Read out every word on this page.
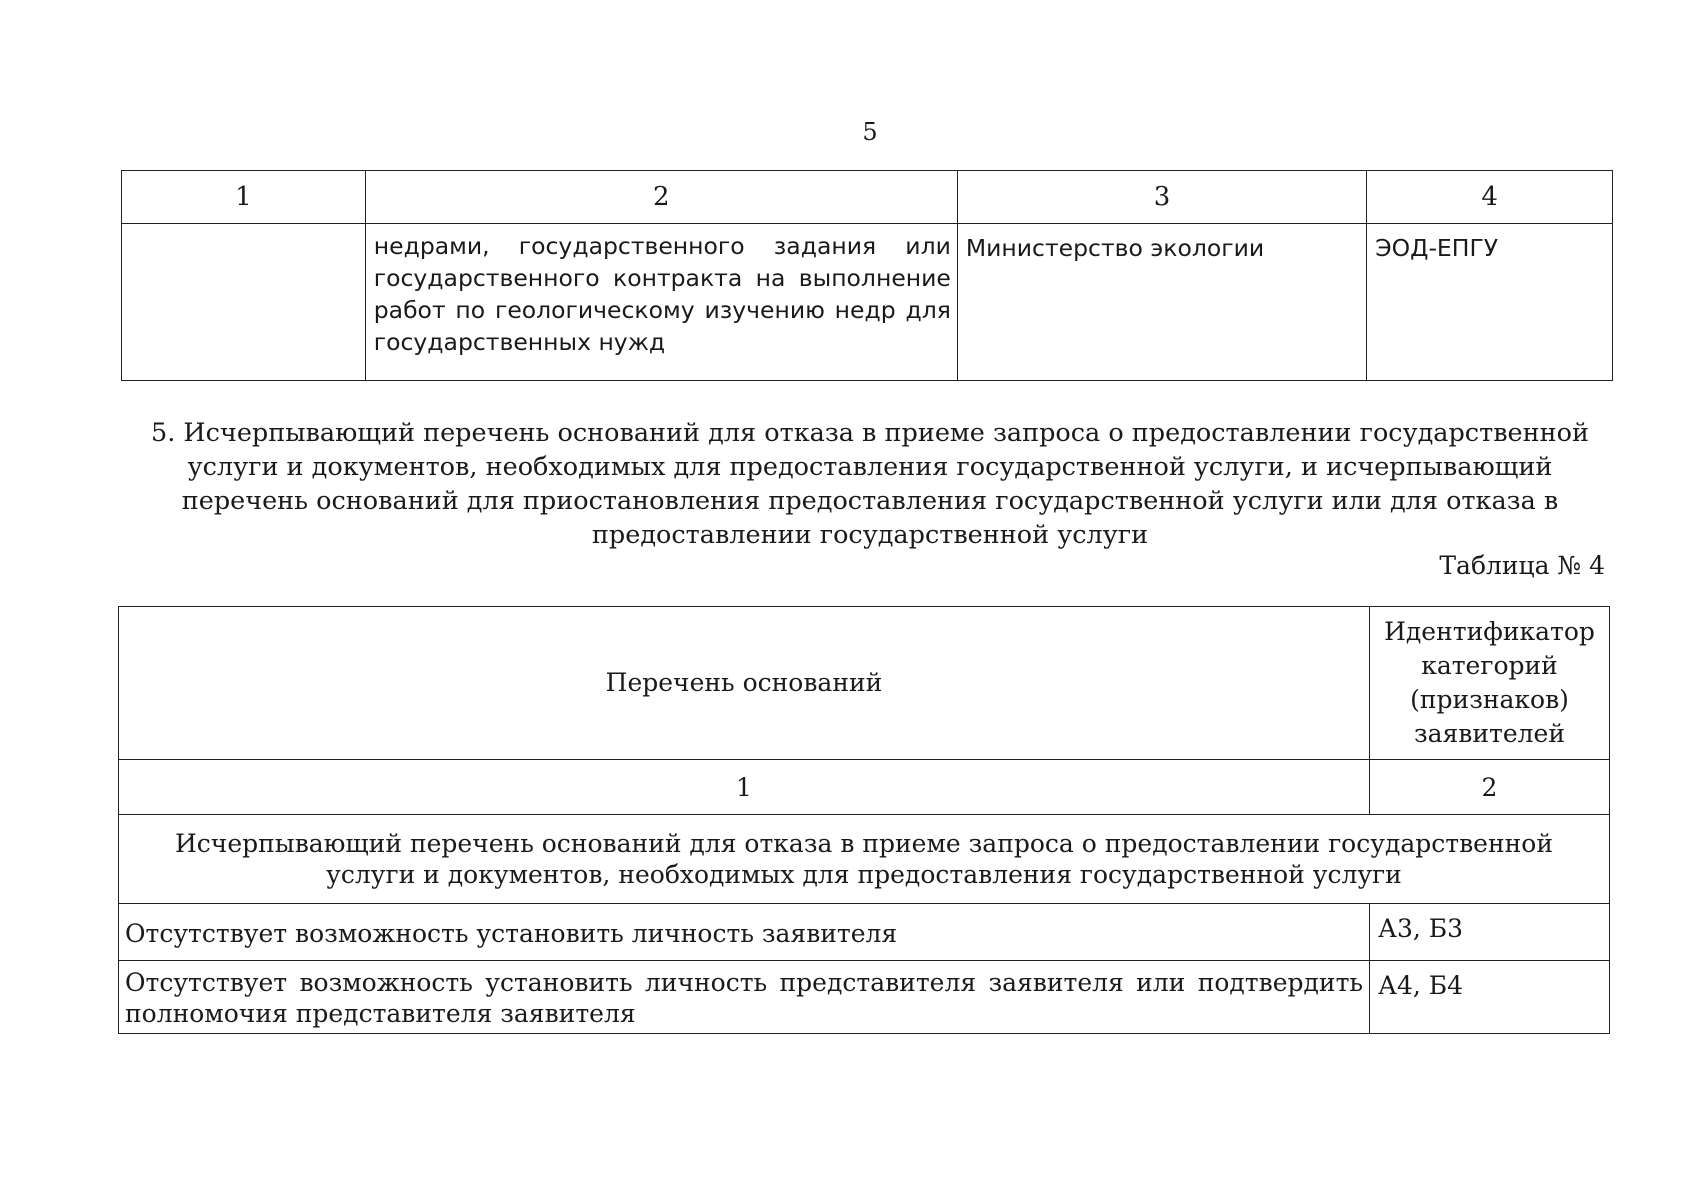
5
1	2	3	4
	недрами, государственного задания или государственного контракта на выполнение работ по геологическому изучению недр для государственных нужд	Министерство экологии	ЭОД-ЕПГУ
5. Исчерпывающий перечень оснований для отказа в приеме запроса о предоставлении государственной услуги и документов, необходимых для предоставления государственной услуги, и исчерпывающий перечень оснований для приостановления предоставления государственной услуги или для отказа в предоставлении государственной услуги
Таблица № 4
Перечень оснований	Идентификатор категорий (признаков) заявителей
1	2
Исчерпывающий перечень оснований для отказа в приеме запроса о предоставлении государственной услуги и документов, необходимых для предоставления государственной услуги	
Отсутствует возможность установить личность заявителя	А3, Б3
Отсутствует возможность установить личность представителя заявителя или подтвердить полномочия представителя заявителя	А4, Б4
